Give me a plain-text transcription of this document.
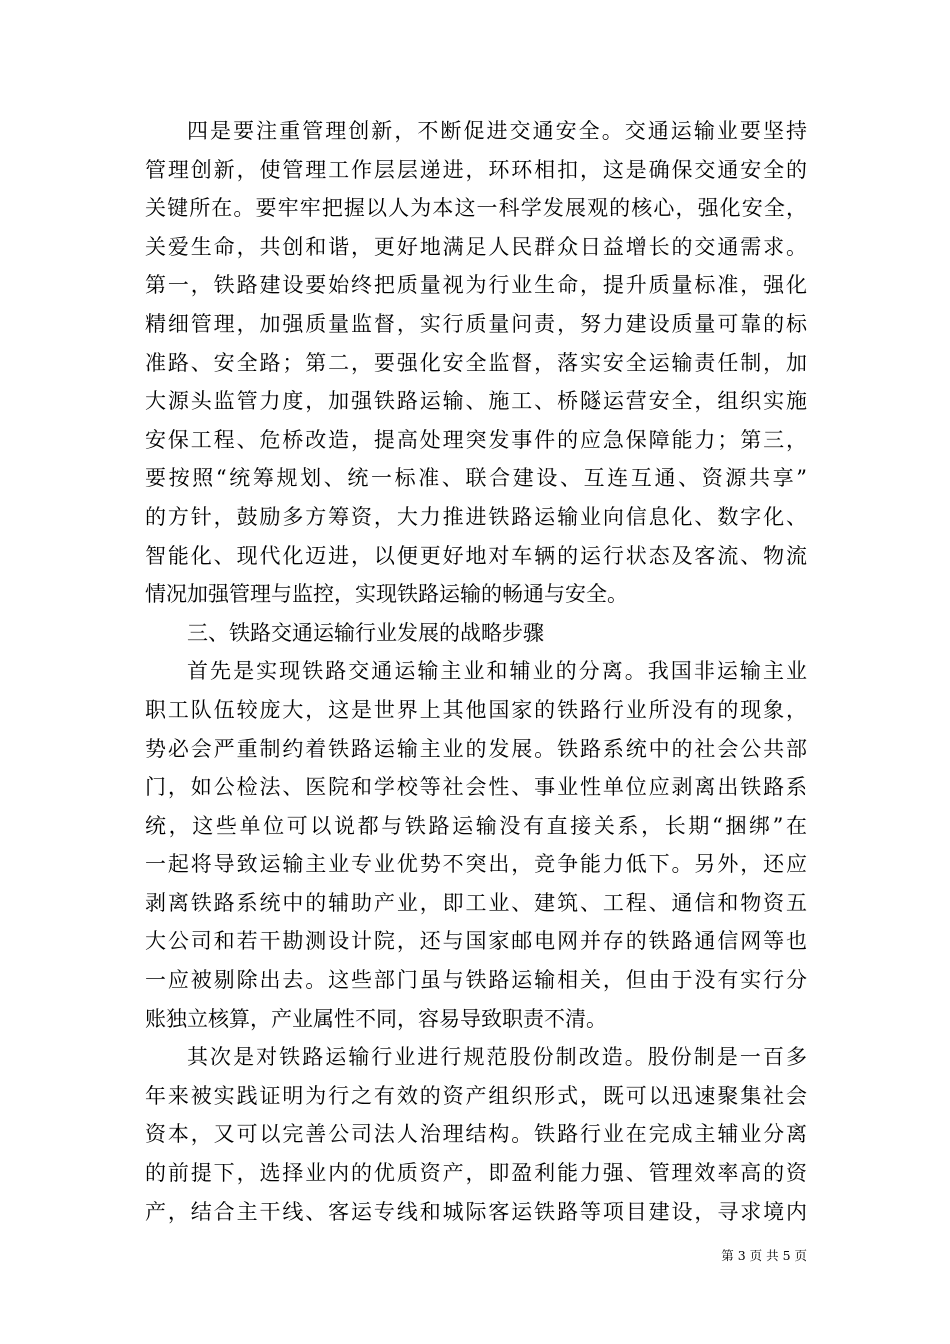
四是要注重管理创新，不断促进交通安全。交通运输业要坚持
管理创新，使管理工作层层递进，环环相扣，这是确保交通安全的
关键所在。要牢牢把握以人为本这一科学发展观的核心，强化安全，
关爱生命，共创和谐，更好地满足人民群众日益增长的交通需求。
第一，铁路建设要始终把质量视为行业生命，提升质量标准，强化
精细管理，加强质量监督，实行质量问责，努力建设质量可靠的标
准路、安全路；第二，要强化安全监督，落实安全运输责任制，加
大源头监管力度，加强铁路运输、施工、桥隧运营安全，组织实施
安保工程、危桥改造，提高处理突发事件的应急保障能力；第三，
要按照“统筹规划、统一标准、联合建设、互连互通、资源共享”
的方针，鼓励多方筹资，大力推进铁路运输业向信息化、数字化、
智能化、现代化迈进，以便更好地对车辆的运行状态及客流、物流
情况加强管理与监控，实现铁路运输的畅通与安全。
三、铁路交通运输行业发展的战略步骤
首先是实现铁路交通运输主业和辅业的分离。我国非运输主业
职工队伍较庞大，这是世界上其他国家的铁路行业所没有的现象，
势必会严重制约着铁路运输主业的发展。铁路系统中的社会公共部
门，如公检法、医院和学校等社会性、事业性单位应剥离出铁路系
统，这些单位可以说都与铁路运输没有直接关系，长期“捆绑”在
一起将导致运输主业专业优势不突出，竞争能力低下。另外，还应
剥离铁路系统中的辅助产业，即工业、建筑、工程、通信和物资五
大公司和若干勘测设计院，还与国家邮电网并存的铁路通信网等也
一应被剔除出去。这些部门虽与铁路运输相关，但由于没有实行分
账独立核算，产业属性不同，容易导致职责不清。
其次是对铁路运输行业进行规范股份制改造。股份制是一百多
年来被实践证明为行之有效的资产组织形式，既可以迅速聚集社会
资本，又可以完善公司法人治理结构。铁路行业在完成主辅业分离
的前提下，选择业内的优质资产，即盈利能力强、管理效率高的资
产，结合主干线、客运专线和城际客运铁路等项目建设，寻求境内
第 3 页 共 5 页
